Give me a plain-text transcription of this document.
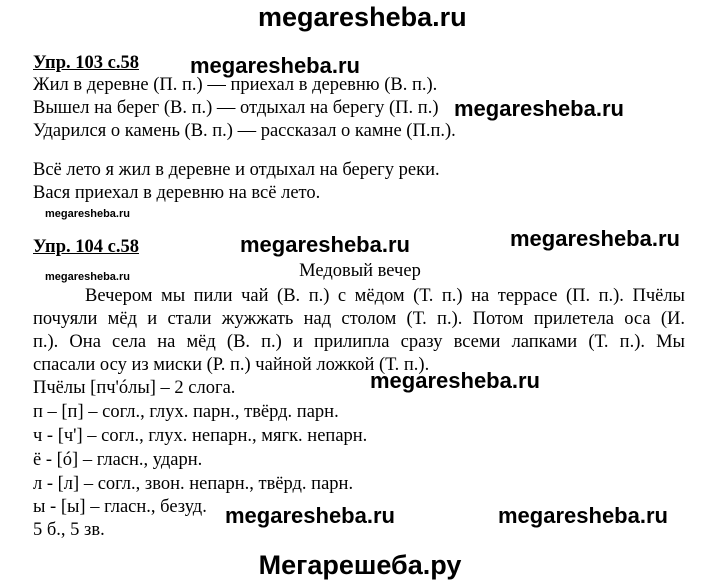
megaresheba.ru
Упр. 103 с.58 megaresheba.ru
Жил в деревне (П. п.) — приехал в деревню (В. п.).
Вышел на берег (В. п.) — отдыхал на берегу (П. п.) megaresheba.ru
Ударился о камень (В. п.) — рассказал о камне (П.п.).
Всё лето я жил в деревне и отдыхал на берегу реки.
Вася приехал в деревню на всё лето.
megaresheba.ru
Упр. 104 с.58	megaresheba.ru	megaresheba.ru
Медовый вечер
megaresheba.ru
Вечером мы пили чай (В. п.) с мёдом (Т. п.) на террасе (П. п.). Пчёлы
почуяли мёд и стали жужжать над столом (Т. п.). Потом прилетела оса (И.
п.). Она села на мёд (В. п.) и прилипла сразу всеми лапками (Т. п.). Мы
спасали осу из миски (Р. п.) чайной ложкой (Т. п.).
Пчёлы [пч'óлы] – 2 слога.	megaresheba.ru
п – [п] – согл., глух. парн., твёрд. парн.
ч - [ч'] – согл., глух. непарн., мягк. непарн.
ё - [ó] – гласн., ударн.
л - [л] – согл., звон. непарн., твёрд. парн.
ы - [ы] – гласн., безуд.
5 б., 5 зв.
megaresheba.ru	megaresheba.ru
Мегарешеба.ру
